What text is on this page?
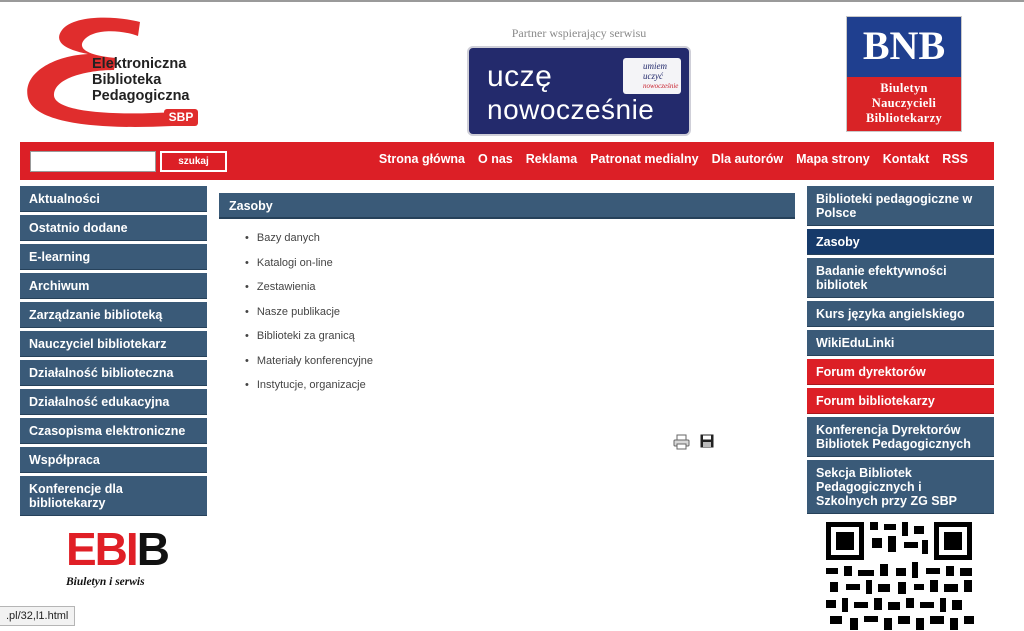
Elektroniczna
Biblioteka
Pedagogiczna
SBP
Partner wspierający serwisu
uczę
nowocześnie
umiem
uczyć
nowocześnie
BNB
Biuletyn
Nauczycieli
Bibliotekarzy
szukaj	Strona główna O nas Reklama Patronat medialny Dla autorów Mapa strony Kontakt RSS
Aktualności
Ostatnio dodane
E-learning
Archiwum
Zarządzanie biblioteką
Nauczyciel bibliotekarz
Działalność biblioteczna
Działalność edukacyjna
Czasopisma elektroniczne
Współpraca
Konferencje dla bibliotekarzy
Zasoby
• Bazy danych
• Katalogi on-line
• Zestawienia
• Nasze publikacje
• Biblioteki za granicą
• Materiały konferencyjne
• Instytucje, organizacje
Biblioteki pedagogiczne w Polsce
Zasoby
Badanie efektywności bibliotek
Kurs języka angielskiego
WikiEduLinki
Forum dyrektorów
Forum bibliotekarzy
Konferencja Dyrektorów Bibliotek Pedagogicznych
Sekcja Bibliotek Pedagogicznych i Szkolnych przy ZG SBP
EBIB
Biuletyn i serwis
.pl/32,l1.html
